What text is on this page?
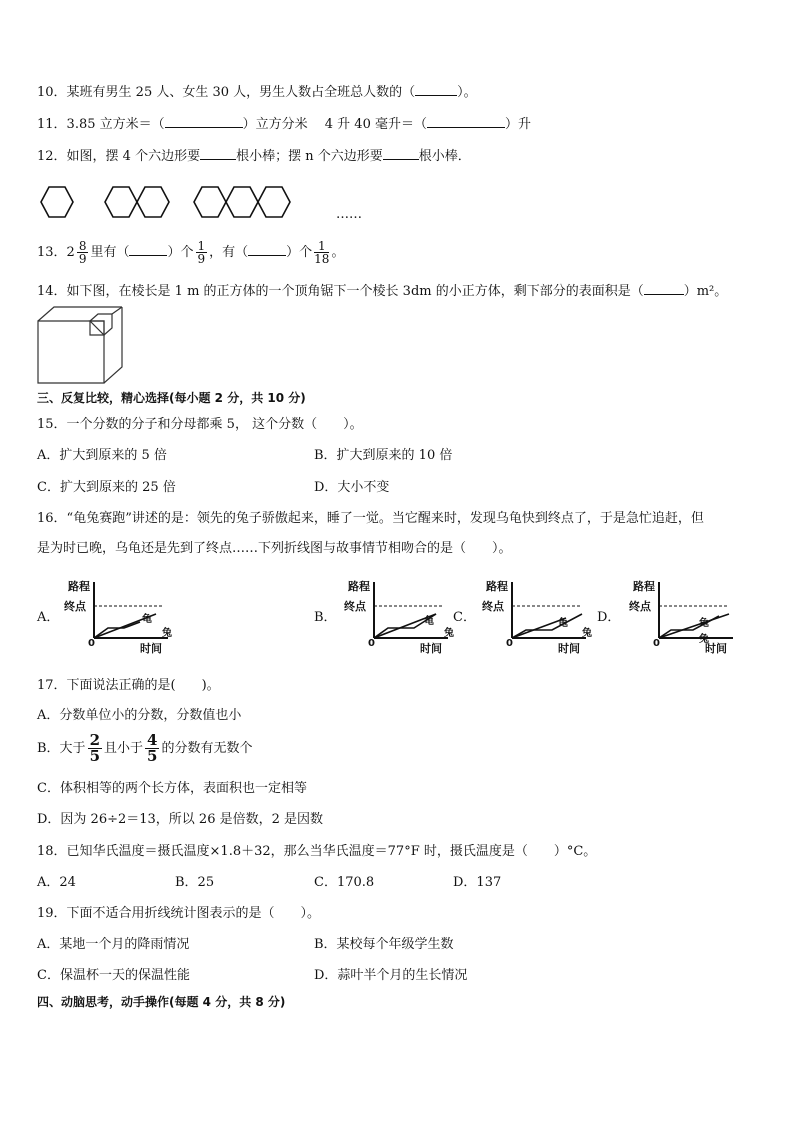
10．某班有男生 25 人、女生 30 人，男生人数占全班总人数的（	）。
11．3.85 立方米＝（	）立方分米　 4 升 40 毫升＝（	）升
12．如图，摆 4 个六边形要	根小棒；摆 n 个六边形要	根小棒．
……
13．$2 \frac{8}{9}$ 里有（	）个 $\frac{1}{9}$ ，有（	）个 $\frac{1}{18}$ 。
14．如下图，在棱长是 1 m 的正方体的一个顶角锯下一个棱长 3dm 的小正方体，剩下部分的表面积是（	）m²。
三、反复比较，精心选择(每小题 2 分，共 10 分)
15．一个分数的分子和分母都乘 5， 这个分数（　　）。
A．扩大到原来的 5 倍	B．扩大到原来的 10 倍
C．扩大到原来的 25 倍	D．大小不变
16．“龟兔赛跑”讲述的是：领先的兔子骄傲起来，睡了一觉。当它醒来时，发现乌龟快到终点了，于是急忙追赶，但
是为时已晚，乌龟还是先到了终点……下列折线图与故事情节相吻合的是（　　）。
A．	B．	C．	D．
路程
终点
时间
0
龟
兔
路程
终点
时间
0
龟
兔
路程
终点
时间
0
龟
兔
路程
终点
时间
0
龟
兔
17．下面说法正确的是(　　)。
A．分数单位小的分数，分数值也小
B．大于 $\frac{2}{5}$ 且小于 $\frac{4}{5}$ 的分数有无数个
C．体积相等的两个长方体，表面积也一定相等
D．因为 26÷2＝13，所以 26 是倍数，2 是因数
18．已知华氏温度＝摄氏温度×1.8＋32，那么当华氏温度＝77°F 时，摄氏温度是（　　）°C。
A．24	B．25	C．170.8	D．137
19．下面不适合用折线统计图表示的是（　　）。
A．某地一个月的降雨情况	B．某校每个年级学生数
C．保温杯一天的保温性能	D．蒜叶半个月的生长情况
四、动脑思考，动手操作(每题 4 分，共 8 分)
